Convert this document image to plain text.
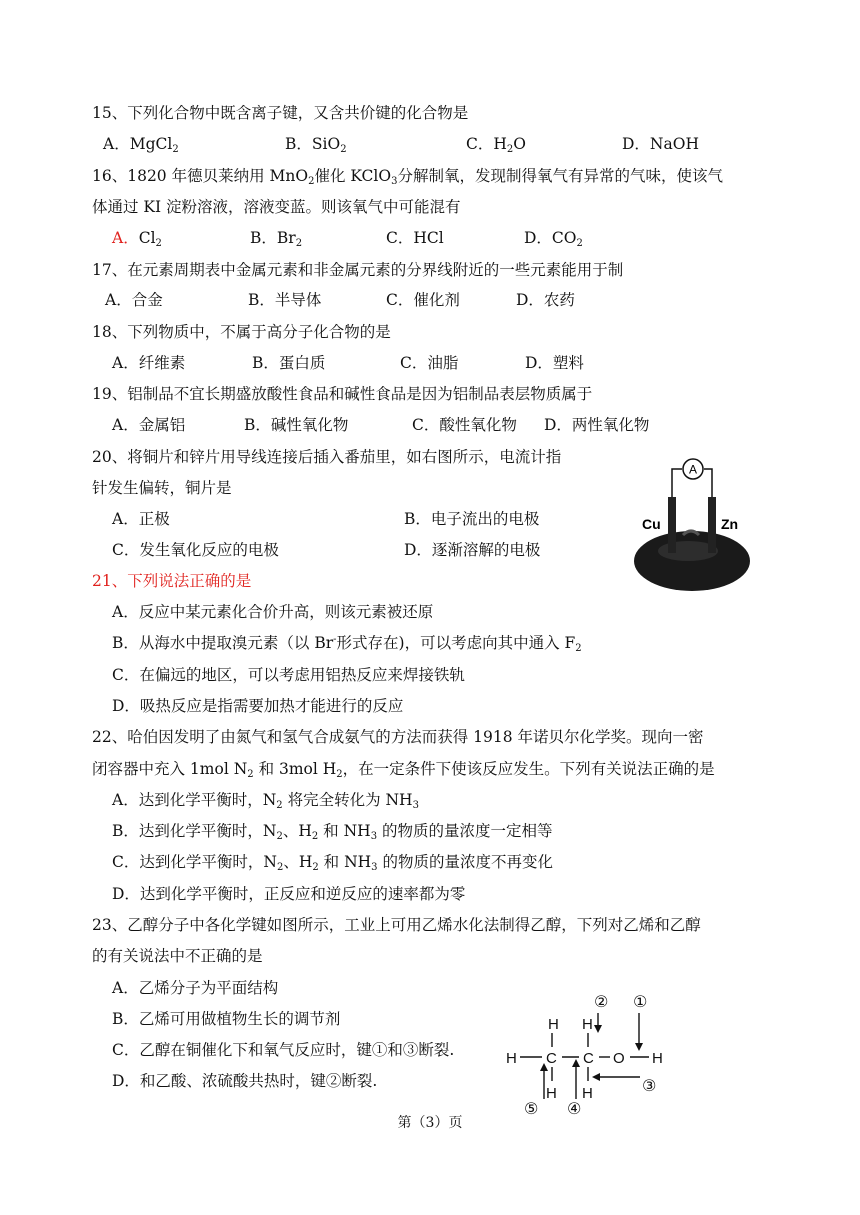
15、下列化合物中既含离子键，又含共价键的化合物是
A．MgCl$_2$	B．SiO$_2$	C．$H_2O$	D．NaOH
16、1820 年德贝莱纳用 MnO$_2$催化 KClO$_3$分解制氧，发现制得氧气有异常的气味，使该气
体通过 KI 淀粉溶液，溶液变蓝。则该氧气中可能混有
A．$Cl_2$	B．$Br_2$	C．HCl	D．$CO_2$
17、在元素周期表中金属元素和非金属元素的分界线附近的一些元素能用于制
A．合金	B．半导体	C．催化剂	D．农药
18、下列物质中，不属于高分子化合物的是
A．纤维素	B．蛋白质	C．油脂	D．塑料
19、铝制品不宜长期盛放酸性食品和碱性食品是因为铝制品表层物质属于
A．金属铝	B．碱性氧化物	C．酸性氧化物 D．两性氧化物
20、将铜片和锌片用导线连接后插入番茄里，如右图所示，电流计指
针发生偏转，铜片是
A．正极	B．电子流出的电极
C．发生氧化反应的电极	D．逐渐溶解的电极
A
Cu	Zn
21、下列说法正确的是
A．反应中某元素化合价升高，则该元素被还原
B．从海水中提取溴元素（以 Br-形式存在)，可以考虑向其中通入 $F_2$
C．在偏远的地区，可以考虑用铝热反应来焊接铁轨
D．吸热反应是指需要加热才能进行的反应
22、哈伯因发明了由氮气和氢气合成氨气的方法而获得 1918 年诺贝尔化学奖。现向一密
闭容器中充入 1mol $N_2$ 和 3mol $H_2$，在一定条件下使该反应发生。下列有关说法正确的是
A．达到化学平衡时，$N_2$ 将完全转化为 $NH_3$
B．达到化学平衡时，$N_2$、$H_2$ 和 $NH_3$ 的物质的量浓度一定相等
C．达到化学平衡时，$N_2$、$H_2$ 和 $NH_3$ 的物质的量浓度不再变化
D．达到化学平衡时，正反应和逆反应的速率都为零
23、乙醇分子中各化学键如图所示，工业上可用乙烯水化法制得乙醇，下列对乙烯和乙醇
的有关说法中不正确的是
A．乙烯分子为平面结构
B．乙烯可用做植物生长的调节剂
C．乙醇在铜催化下和氧气反应时，键①和③断裂.
D．和乙酸、浓硫酸共热时，键②断裂.
② ①
H H
H C C O H
H H	③
⑤ ④
第（3）页
